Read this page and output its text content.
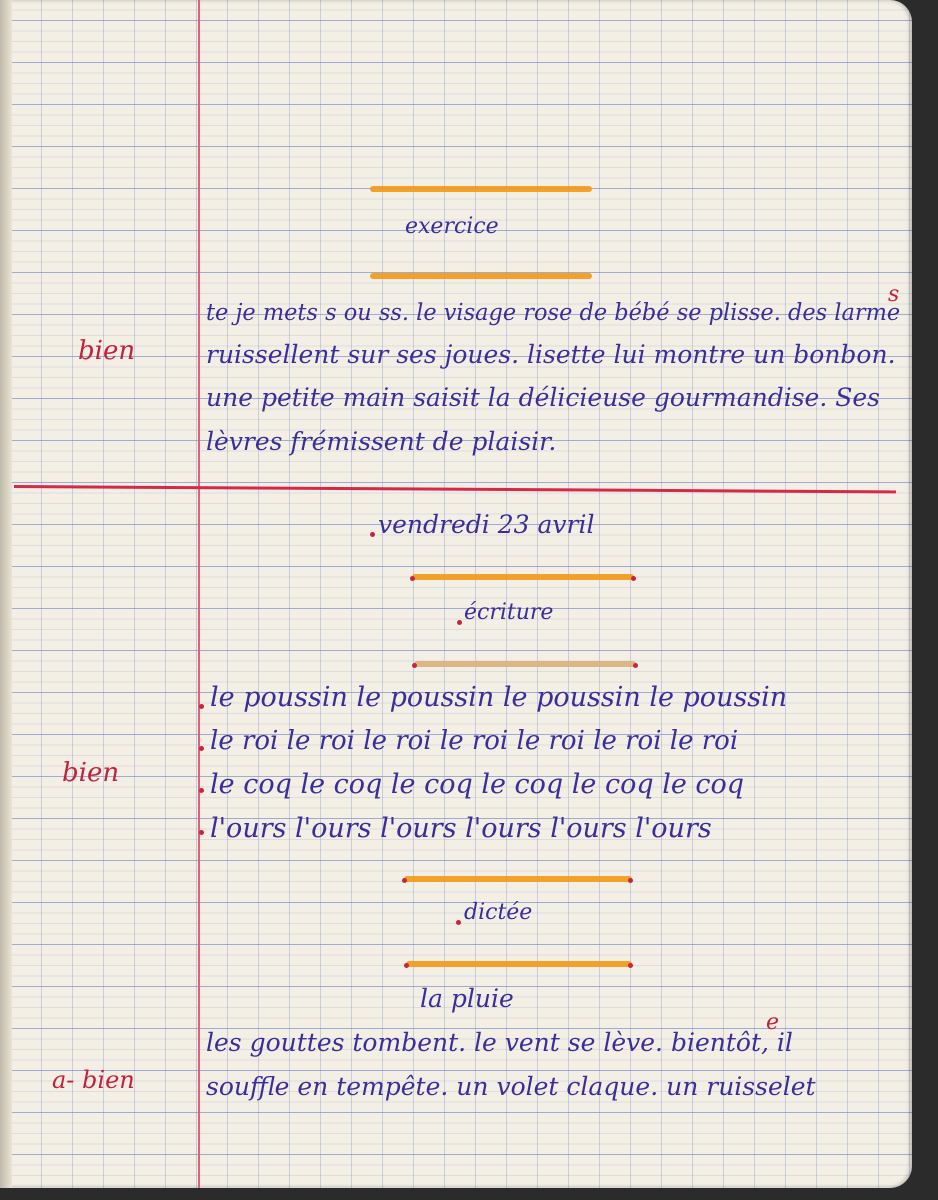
exercice
bien
s
te je mets s ou ss. le visage rose de bébé se plisse. des larme
ruissellent sur ses joues. lisette lui montre un bonbon.
une petite main saisit la délicieuse gourmandise. Ses
lèvres frémissent de plaisir.
vendredi 23 avril
écriture
bien
le poussin le poussin le poussin le poussin
le roi le roi le roi le roi le roi le roi le roi
le coq le coq le coq le coq le coq le coq
l'ours l'ours l'ours l'ours l'ours l'ours
dictée
la pluie
e
les gouttes tombent. le vent se lève. bientôt, il
a- bien	souffle en tempête. un volet claque. un ruisselet
